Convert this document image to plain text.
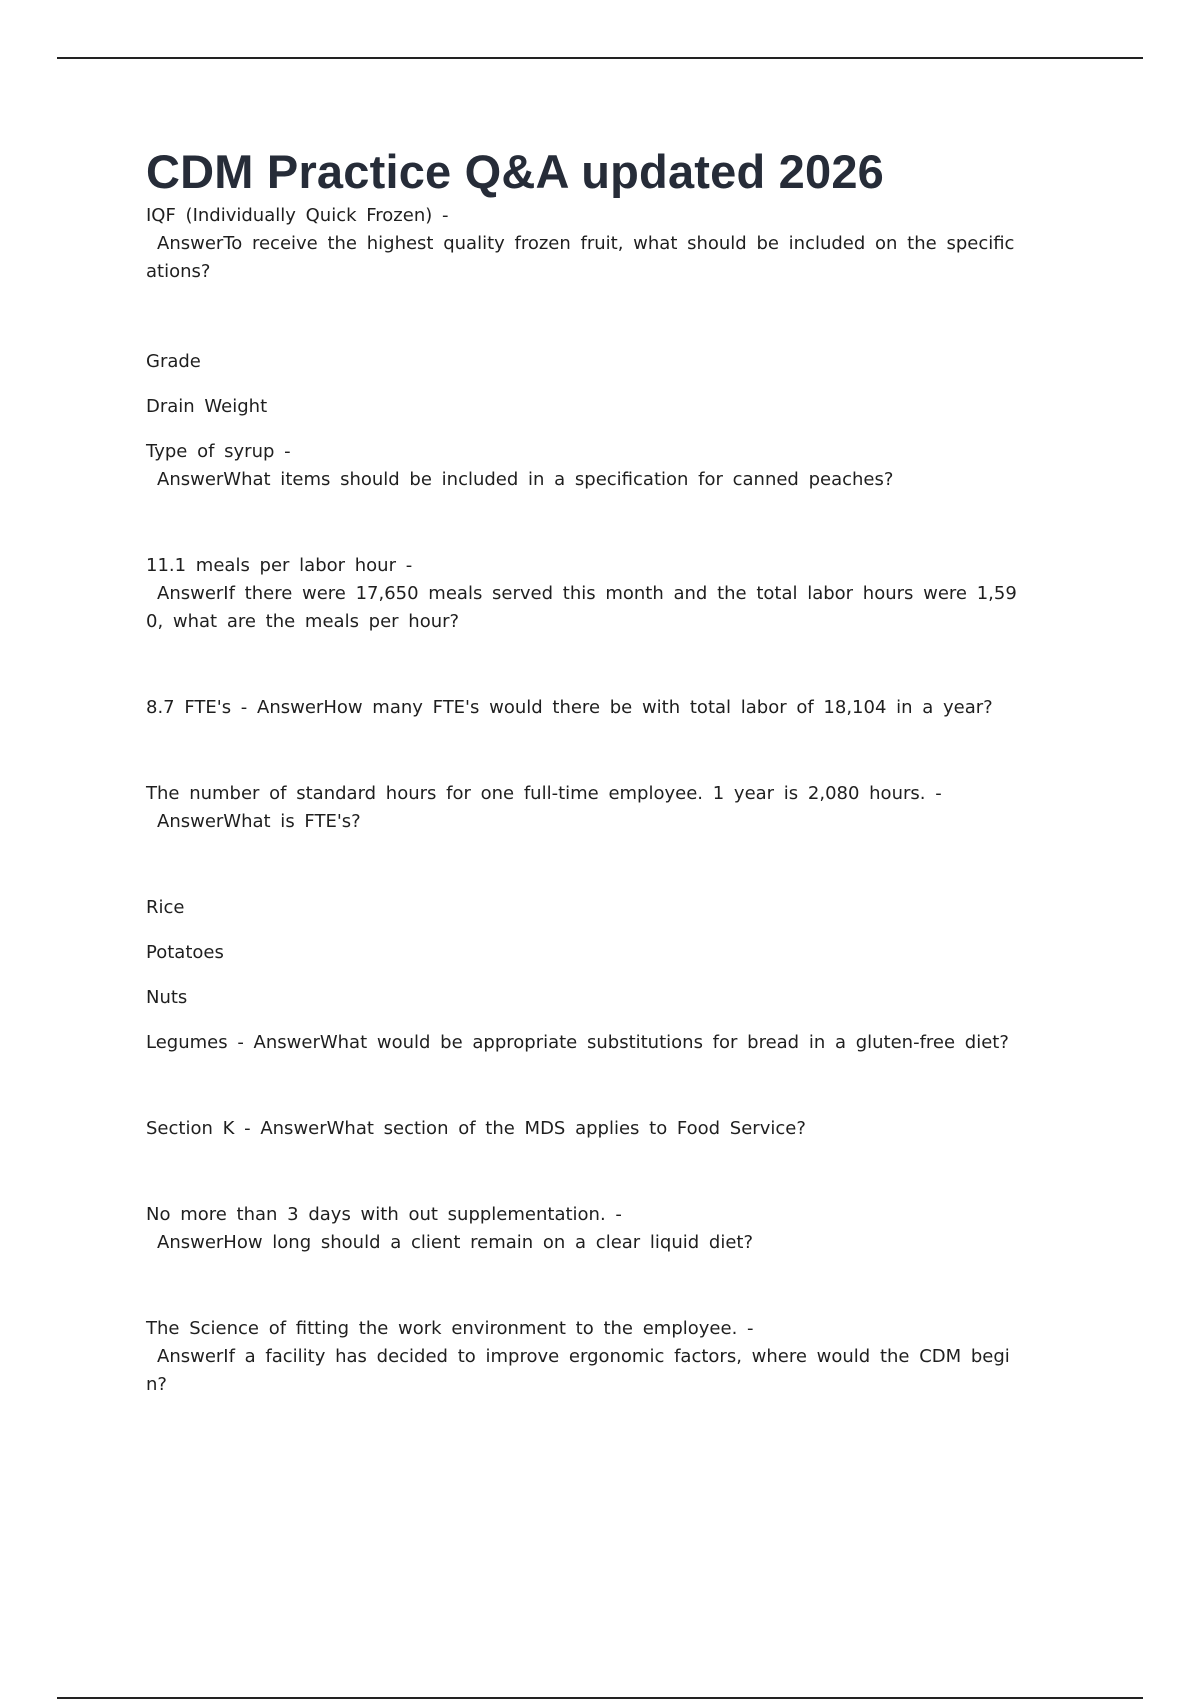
CDM Practice Q&A updated 2026
IQF (Individually Quick Frozen) -
AnswerTo receive the highest quality frozen fruit, what should be included on the specific
ations?
Grade
Drain Weight
Type of syrup -
AnswerWhat items should be included in a specification for canned peaches?
11.1 meals per labor hour -
AnswerIf there were 17,650 meals served this month and the total labor hours were 1,59
0, what are the meals per hour?
8.7 FTE's - AnswerHow many FTE's would there be with total labor of 18,104 in a year?
The number of standard hours for one full-time employee. 1 year is 2,080 hours. -
AnswerWhat is FTE's?
Rice
Potatoes
Nuts
Legumes - AnswerWhat would be appropriate substitutions for bread in a gluten-free diet?
Section K - AnswerWhat section of the MDS applies to Food Service?
No more than 3 days with out supplementation. -
AnswerHow long should a client remain on a clear liquid diet?
The Science of fitting the work environment to the employee. -
AnswerIf a facility has decided to improve ergonomic factors, where would the CDM begi
n?
